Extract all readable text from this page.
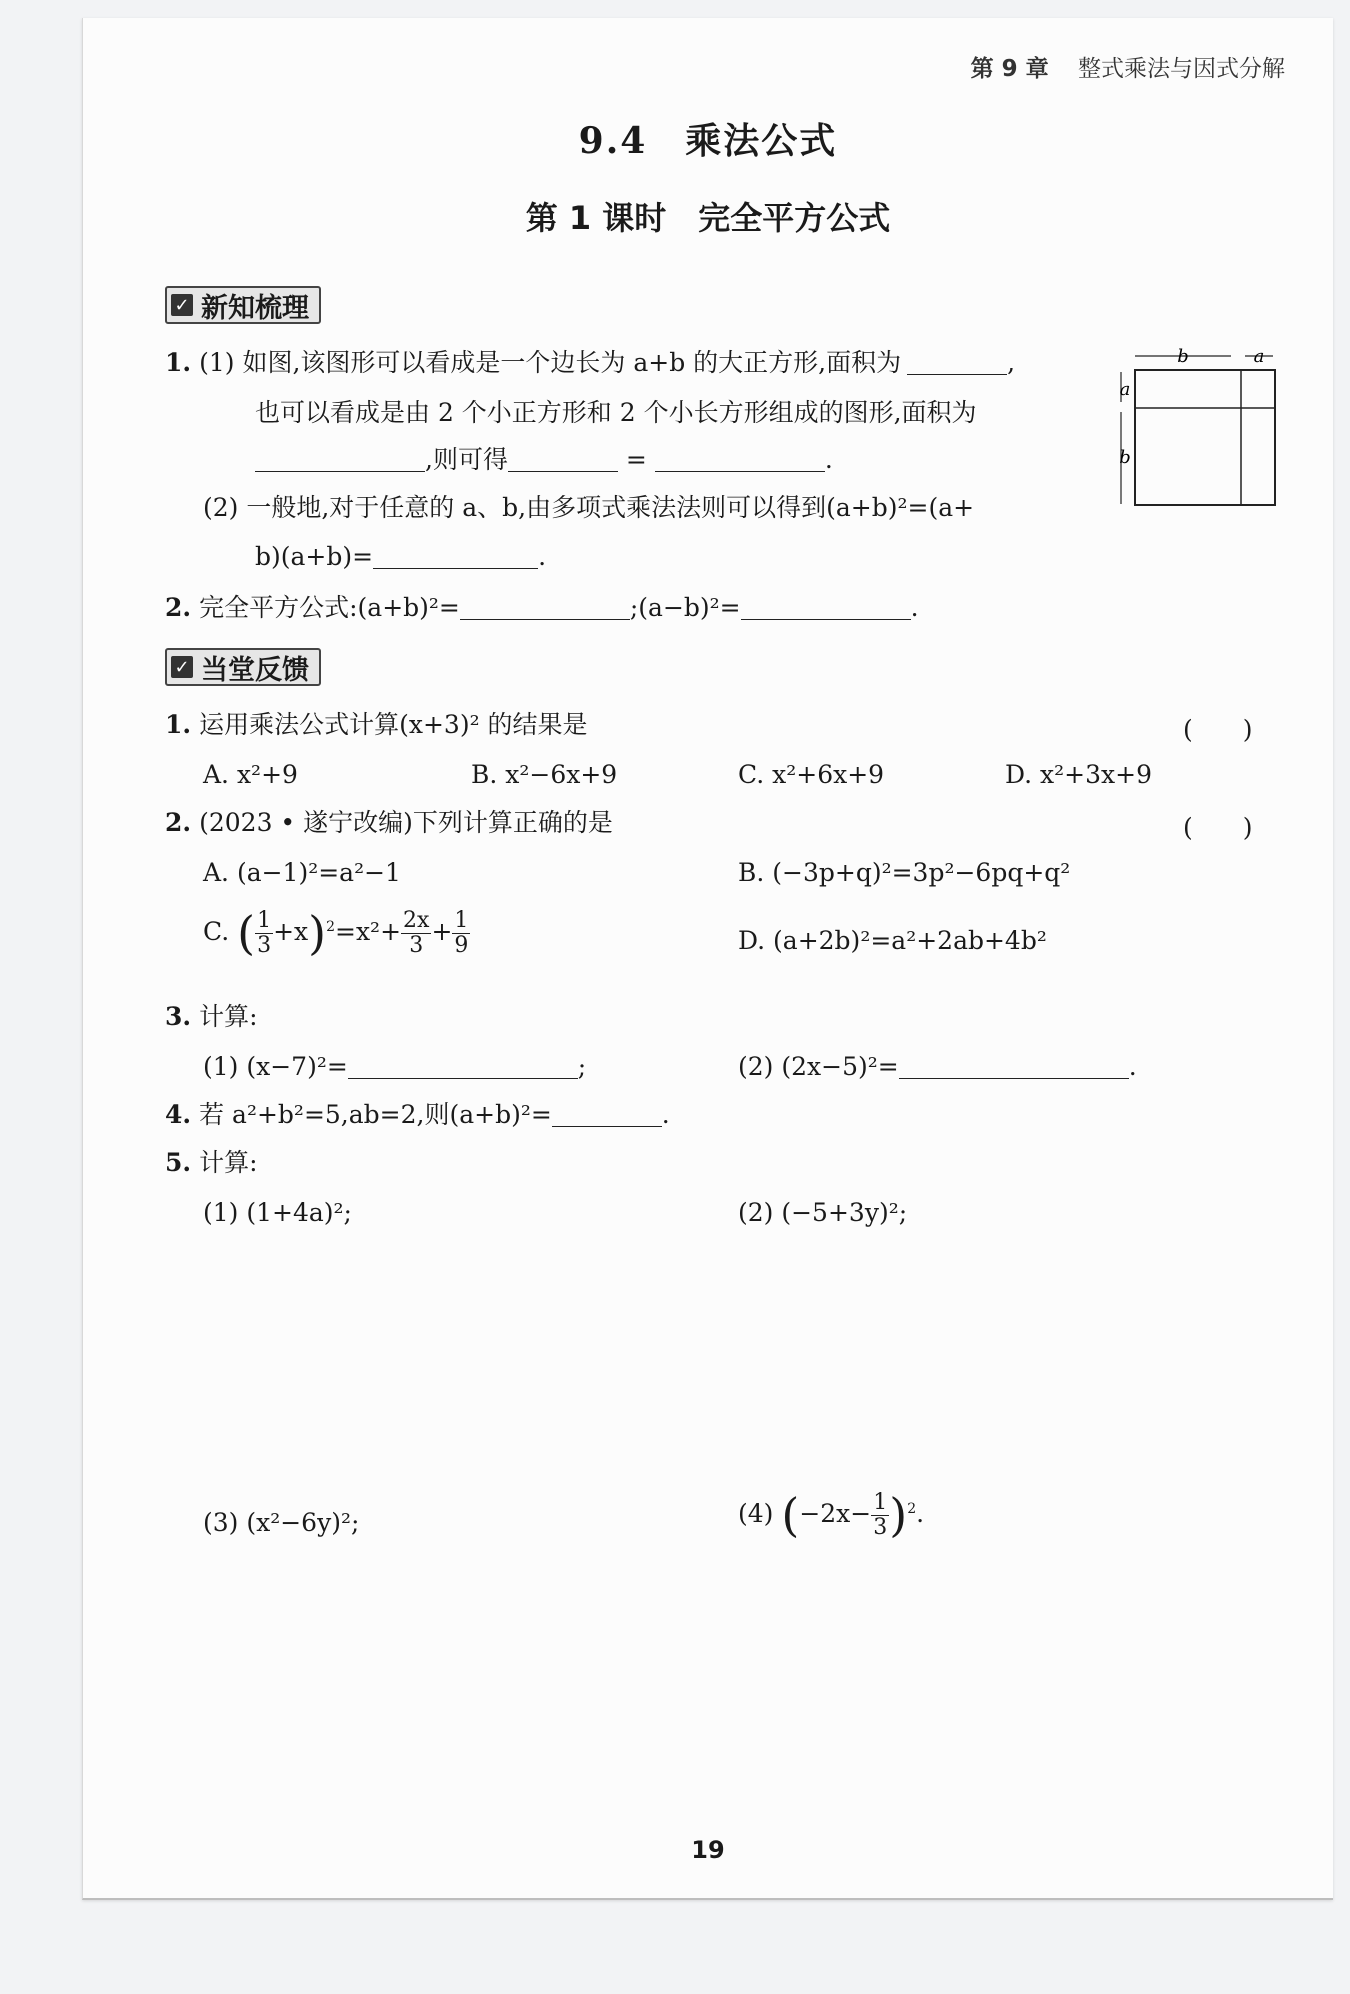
第 9 章 整式乘法与因式分解
9.4　乘法公式
第 1 课时　完全平方公式
✓ 新知梳理
1. (1) 如图,该图形可以看成是一个边长为 a+b 的大正方形,面积为	,
也可以看成是由 2 个小正方形和 2 个小长方形组成的图形,面积为
,则可得	=	.
(2) 一般地,对于任意的 a、b,由多项式乘法法则可以得到(a+b)²=(a+
b)(a+b)=	.
b	a
a
b
2. 完全平方公式:(a+b)²=	;(a−b)²=	.
✓ 当堂反馈
1. 运用乘法公式计算(x+3)² 的结果是	(　　)
A. x²+9	B. x²−6x+9	C. x²+6x+9	D. x²+3x+9
2. (2023 • 遂宁改编)下列计算正确的是	(　　)
A. (a−1)²=a²−1	B. (−3p+q)²=3p²−6pq+q²
C. ( $\frac{1}{3} +x)^2=x^2+ \frac{2x}{3} + \frac{1}{9}$	D. (a+2b)²=a²+2ab+4b²
3. 计算:
(1) (x−7)²=	;	(2) (2x−5)²=	.
4. 若 a²+b²=5,ab=2,则(a+b)²=	.
5. 计算:
(1) (1+4a)²;	(2) (−5+3y)²;
(3) (x²−6y)²;	(4) $(-2x- \frac{1}{3} )^2$.
19
